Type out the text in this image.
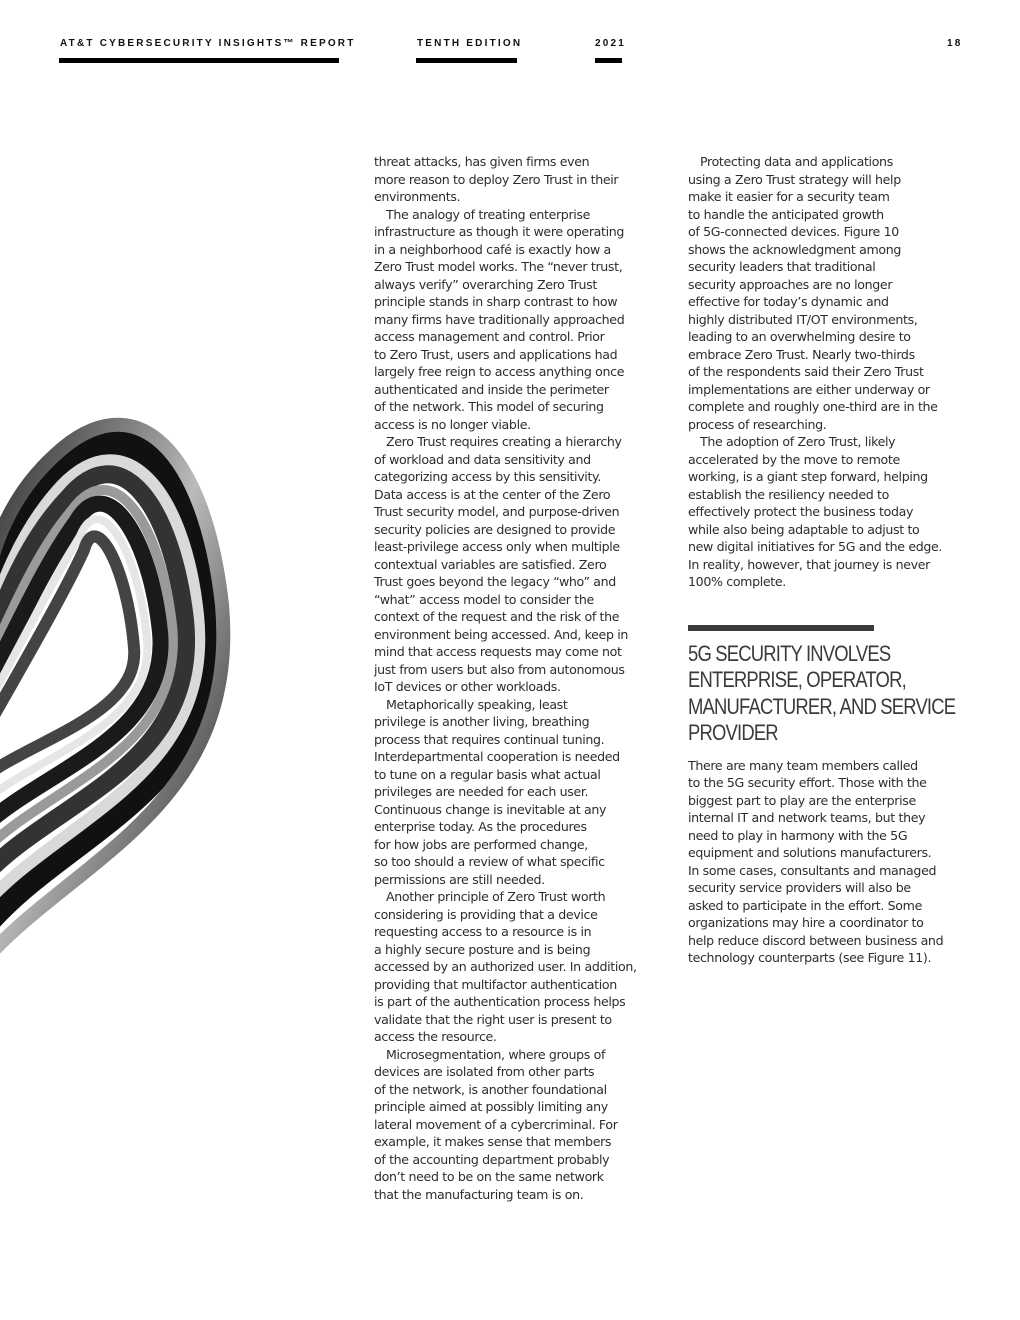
AT&T CYBERSECURITY INSIGHTS™ REPORT	TENTH EDITION	2021	18

threat attacks, has given firms even
more reason to deploy Zero Trust in their
environments.

The analogy of treating enterprise
infrastructure as though it were operating
in a neighborhood café is exactly how a
Zero Trust model works. The “never trust,
always verify” overarching Zero Trust
principle stands in sharp contrast to how
many firms have traditionally approached
access management and control. Prior
to Zero Trust, users and applications had
largely free reign to access anything once
authenticated and inside the perimeter
of the network. This model of securing
access is no longer viable.

Zero Trust requires creating a hierarchy
of workload and data sensitivity and
categorizing access by this sensitivity.
Data access is at the center of the Zero
Trust security model, and purpose-driven
security policies are designed to provide
least-privilege access only when multiple
contextual variables are satisfied. Zero
Trust goes beyond the legacy “who” and
“what” access model to consider the
context of the request and the risk of the
environment being accessed. And, keep in
mind that access requests may come not
just from users but also from autonomous
IoT devices or other workloads.

Metaphorically speaking, least
privilege is another living, breathing
process that requires continual tuning.
Interdepartmental cooperation is needed
to tune on a regular basis what actual
privileges are needed for each user.
Continuous change is inevitable at any
enterprise today. As the procedures
for how jobs are performed change,
so too should a review of what specific
permissions are still needed.

Another principle of Zero Trust worth
considering is providing that a device
requesting access to a resource is in
a highly secure posture and is being
accessed by an authorized user. In addition,
providing that multifactor authentication
is part of the authentication process helps
validate that the right user is present to
access the resource.

Microsegmentation, where groups of
devices are isolated from other parts
of the network, is another foundational
principle aimed at possibly limiting any
lateral movement of a cybercriminal. For
example, it makes sense that members
of the accounting department probably
don’t need to be on the same network
that the manufacturing team is on.

Protecting data and applications
using a Zero Trust strategy will help
make it easier for a security team
to handle the anticipated growth
of 5G-connected devices. Figure 10
shows the acknowledgment among
security leaders that traditional
security approaches are no longer
effective for today’s dynamic and
highly distributed IT/OT environments,
leading to an overwhelming desire to
embrace Zero Trust. Nearly two-thirds
of the respondents said their Zero Trust
implementations are either underway or
complete and roughly one-third are in the
process of researching.

The adoption of Zero Trust, likely
accelerated by the move to remote
working, is a giant step forward, helping
establish the resiliency needed to
effectively protect the business today
while also being adaptable to adjust to
new digital initiatives for 5G and the edge.
In reality, however, that journey is never
100% complete.

5G SECURITY INVOLVES
ENTERPRISE, OPERATOR,
MANUFACTURER, AND SERVICE
PROVIDER

There are many team members called
to the 5G security effort. Those with the
biggest part to play are the enterprise
internal IT and network teams, but they
need to play in harmony with the 5G
equipment and solutions manufacturers.
In some cases, consultants and managed
security service providers will also be
asked to participate in the effort. Some
organizations may hire a coordinator to
help reduce discord between business and
technology counterparts (see Figure 11).
